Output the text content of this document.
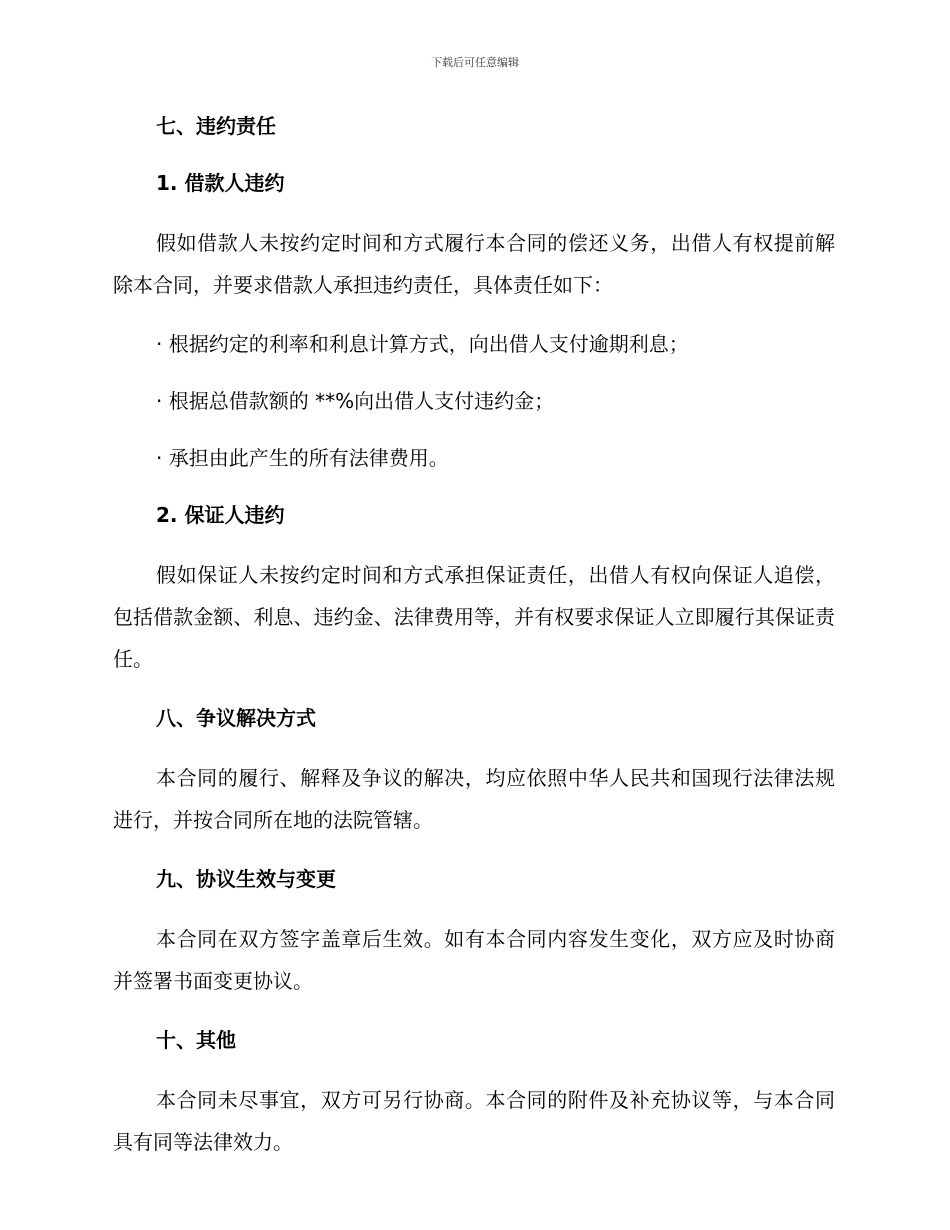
下载后可任意编辑
七、违约责任
1. 借款人违约
假如借款人未按约定时间和方式履行本合同的偿还义务，出借人有权提前解除本合同，并要求借款人承担违约责任，具体责任如下：
· 根据约定的利率和利息计算方式，向出借人支付逾期利息；
· 根据总借款额的 **%向出借人支付违约金；
· 承担由此产生的所有法律费用。
2. 保证人违约
假如保证人未按约定时间和方式承担保证责任，出借人有权向保证人追偿，包括借款金额、利息、违约金、法律费用等，并有权要求保证人立即履行其保证责任。
八、争议解决方式
本合同的履行、解释及争议的解决，均应依照中华人民共和国现行法律法规进行，并按合同所在地的法院管辖。
九、协议生效与变更
本合同在双方签字盖章后生效。如有本合同内容发生变化，双方应及时协商并签署书面变更协议。
十、其他
本合同未尽事宜，双方可另行协商。本合同的附件及补充协议等，与本合同具有同等法律效力。
